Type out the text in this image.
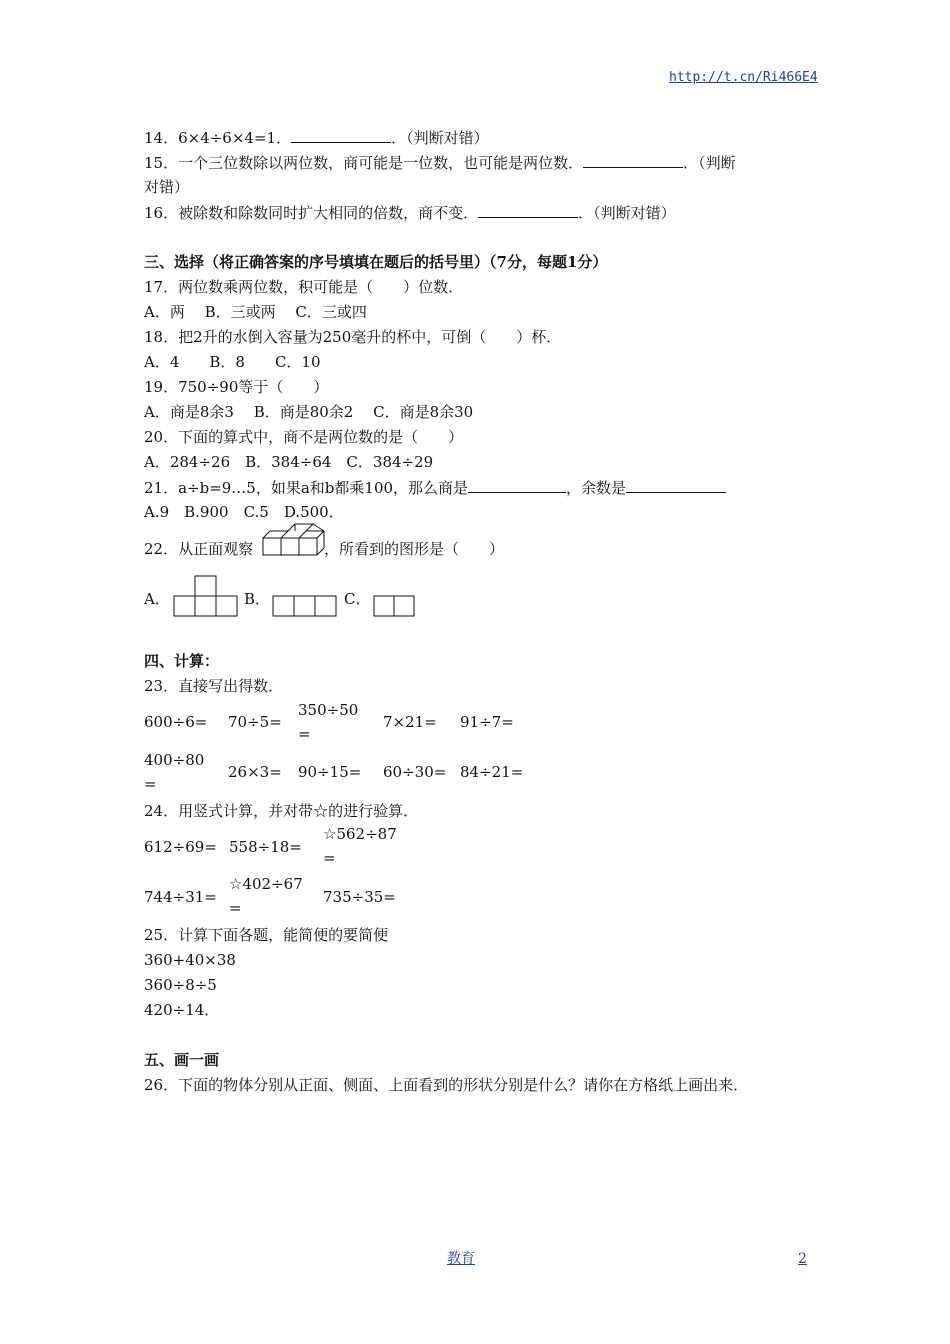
http://t.cn/Ri466E4
14．6×4÷6×4=1．	．（判断对错）
15．一个三位数除以两位数，商可能是一位数，也可能是两位数．	．（判断
对错）
16．被除数和除数同时扩大相同的倍数，商不变．	．（判断对错）
三、选择（将正确答案的序号填填在题后的括号里）（7分，每题1分）
17．两位数乘两位数，积可能是（　　）位数．
A．两　 B．三或两　 C．三或四
18．把2升的水倒入容量为250毫升的杯中，可倒（　　）杯．
A．4　　B．8　　C．10
19．750÷90等于（　　）
A．商是8余3　 B．商是80余2　 C．商是8余30
20．下面的算式中，商不是两位数的是（　　）
A．284÷26　B．384÷64　C．384÷29
21．a÷b=9…5，如果a和b都乘100，那么商是	，余数是
A.9　B.900　C.5　D.500．
22．从正面观察	，所看到的图形是（　　）
A．	B．	C．
四、计算：
23．直接写出得数．
600÷6= 70÷5=
350÷50
=
7×21= 91÷7=
400÷80
=
26×3= 90÷15= 60÷30= 84÷21=
24．用竖式计算，并对带☆的进行验算．
612÷69= 558÷18=
☆562÷87
=
744÷31=
☆402÷67
=
735÷35=
25．计算下面各题，能简便的要简便
360+40×38
360÷8÷5
420÷14．
五、画一画
26．下面的物体分别从正面、侧面、上面看到的形状分别是什么？请你在方格纸上画出来．
教育	2
